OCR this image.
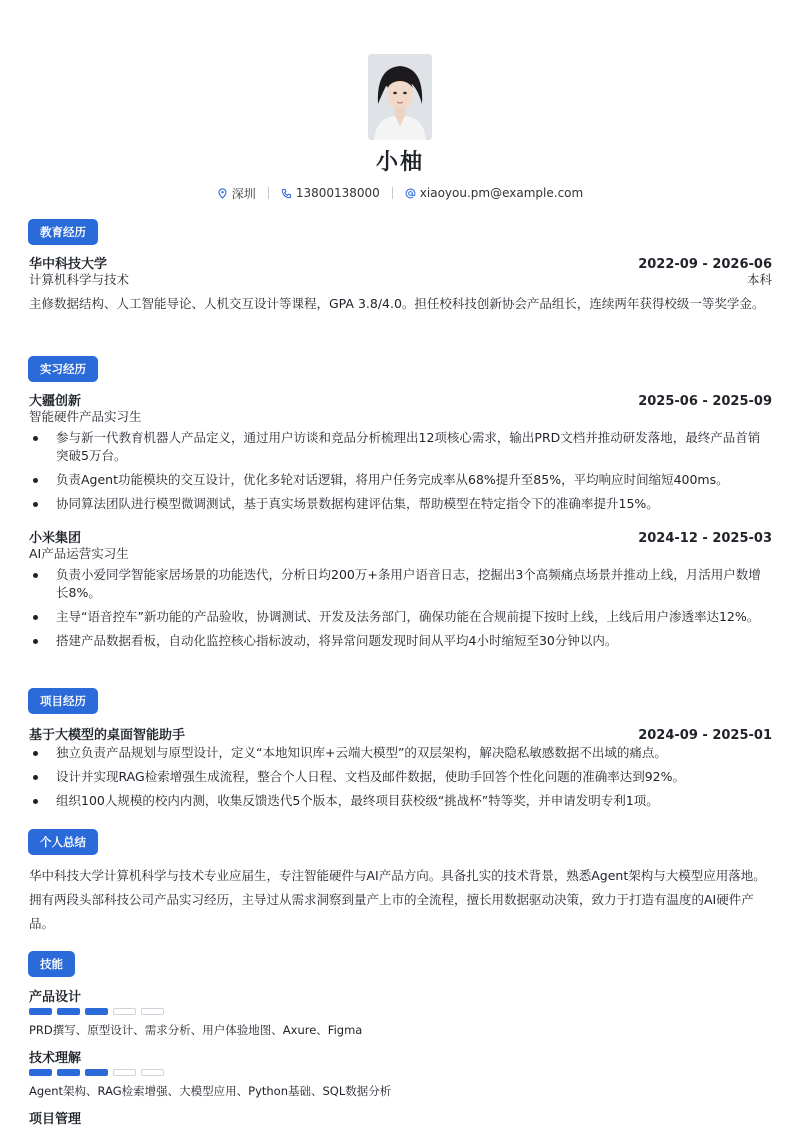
小柚
深圳	13800138000	xiaoyou.pm@example.com
教育经历
华中科技大学	2022-09 - 2026-06
计算机科学与技术	本科
主修数据结构、人工智能导论、人机交互设计等课程，GPA 3.8/4.0。担任校科技创新协会产品组长，连续两年获得校级一等奖学金。
实习经历
大疆创新	2025-06 - 2025-09
智能硬件产品实习生
参与新一代教育机器人产品定义，通过用户访谈和竞品分析梳理出12项核心需求，输出PRD文档并推动研发落地，最终产品首销突破5万台。
负责Agent功能模块的交互设计，优化多轮对话逻辑，将用户任务完成率从68%提升至85%，平均响应时间缩短400ms。
协同算法团队进行模型微调测试，基于真实场景数据构建评估集，帮助模型在特定指令下的准确率提升15%。
小米集团	2024-12 - 2025-03
AI产品运营实习生
负责小爱同学智能家居场景的功能迭代，分析日均200万+条用户语音日志，挖掘出3个高频痛点场景并推动上线，月活用户数增长8%。
主导“语音控车”新功能的产品验收，协调测试、开发及法务部门，确保功能在合规前提下按时上线，上线后用户渗透率达12%。
搭建产品数据看板，自动化监控核心指标波动，将异常问题发现时间从平均4小时缩短至30分钟以内。
项目经历
基于大模型的桌面智能助手	2024-09 - 2025-01
独立负责产品规划与原型设计，定义“本地知识库+云端大模型”的双层架构，解决隐私敏感数据不出域的痛点。
设计并实现RAG检索增强生成流程，整合个人日程、文档及邮件数据，使助手回答个性化问题的准确率达到92%。
组织100人规模的校内内测，收集反馈迭代5个版本，最终项目获校级“挑战杯”特等奖，并申请发明专利1项。
个人总结
华中科技大学计算机科学与技术专业应届生，专注智能硬件与AI产品方向。具备扎实的技术背景，熟悉Agent架构与大模型应用落地。拥有两段头部科技公司产品实习经历，主导过从需求洞察到量产上市的全流程，擅长用数据驱动决策，致力于打造有温度的AI硬件产品。
技能
产品设计
PRD撰写、原型设计、需求分析、用户体验地图、Axure、Figma
技术理解
Agent架构、RAG检索增强、大模型应用、Python基础、SQL数据分析
项目管理
